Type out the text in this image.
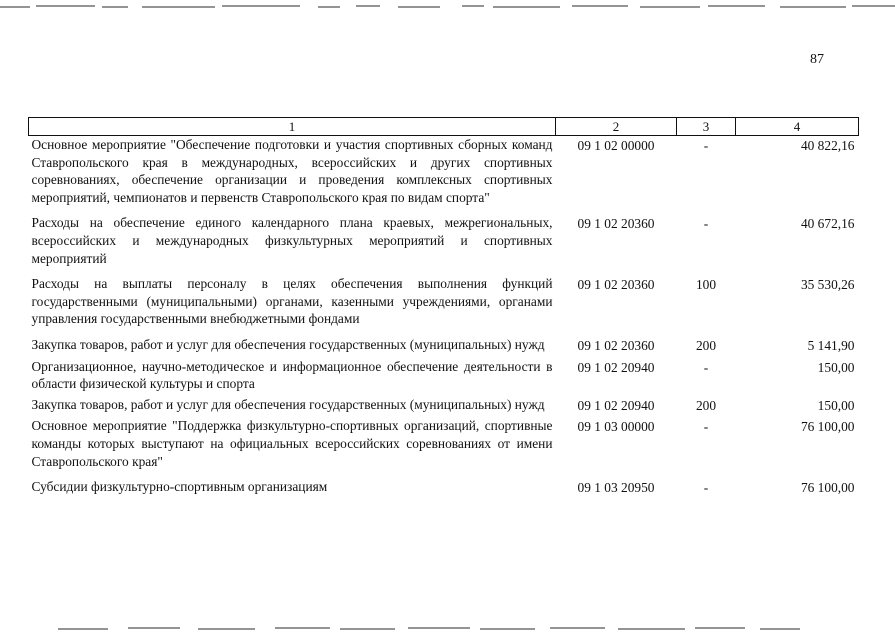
87
1	2	3	4
Основное мероприятие "Обеспечение подготовки и участия спортивных сборных команд Ставропольского края в международных, всероссийских и других спортивных соревнованиях, обеспечение организации и проведения комплексных спортивных мероприятий, чемпионатов и первенств Ставропольского края по видам спорта"	09 1 02 00000	-	40 822,16
Расходы на обеспечение единого календарного плана краевых, межрегиональных, всероссийских и международных физкультурных мероприятий и спортивных мероприятий	09 1 02 20360	-	40 672,16
Расходы на выплаты персоналу в целях обеспечения выполнения функций государственными (муниципальными) органами, казенными учреждениями, органами управления государственными внебюджетными фондами	09 1 02 20360	100	35 530,26
Закупка товаров, работ и услуг для обеспечения государственных (муниципальных) нужд	09 1 02 20360	200	5 141,90
Организационное, научно-методическое и информационное обеспечение деятельности в области физической культуры и спорта	09 1 02 20940	-	150,00
Закупка товаров, работ и услуг для обеспечения государственных (муниципальных) нужд	09 1 02 20940	200	150,00
Основное мероприятие "Поддержка физкультурно-спортивных организаций, спортивные команды которых выступают на официальных всероссийских соревнованиях от имени Ставропольского края"	09 1 03 00000	-	76 100,00
Субсидии физкультурно-спортивным организациям	09 1 03 20950	-	76 100,00
